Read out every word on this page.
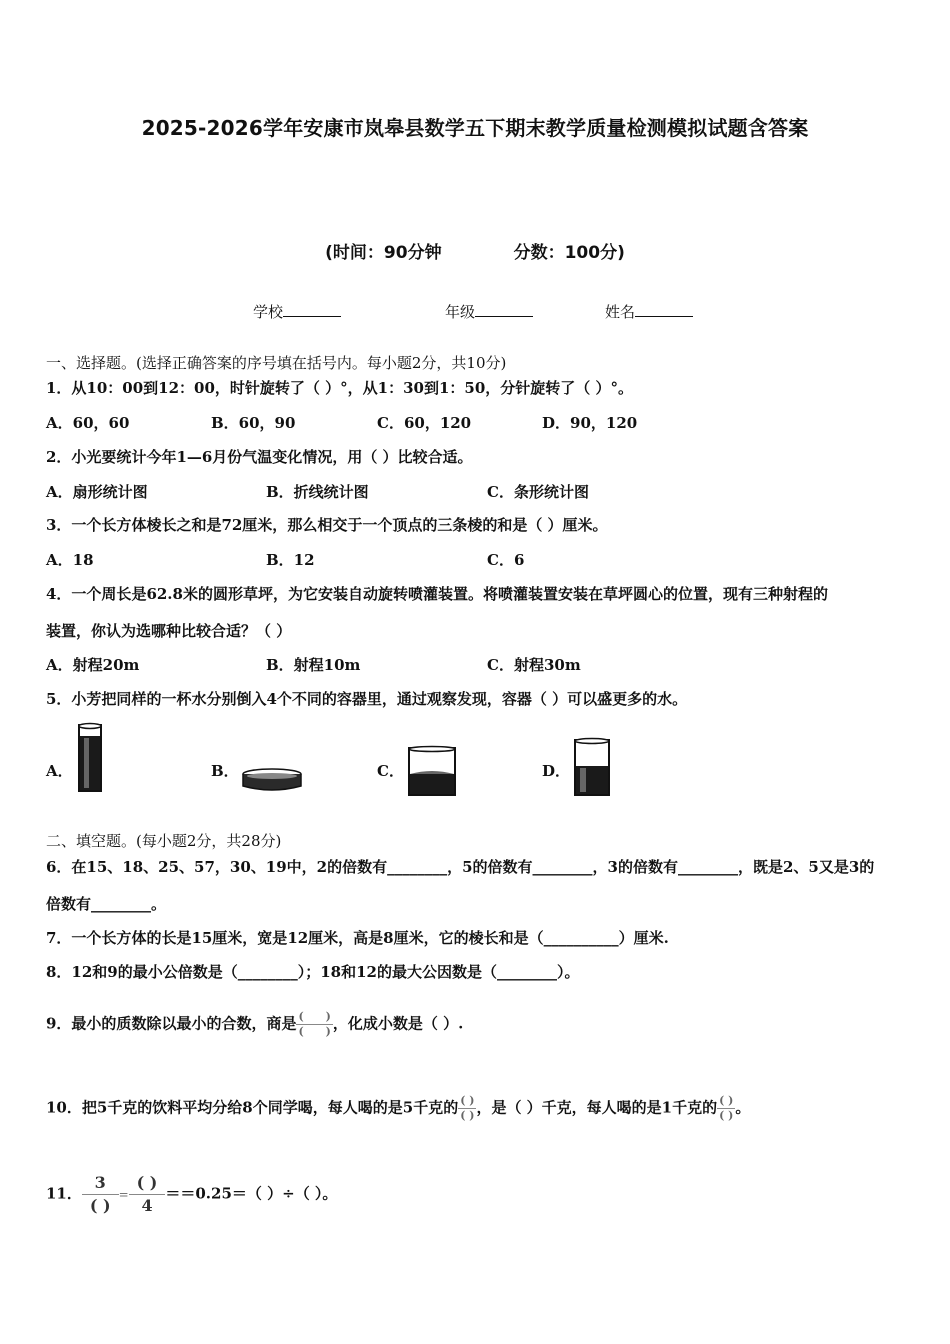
2025-2026学年安康市岚皋县数学五下期末教学质量检测模拟试题含答案
(时间：90分钟	分数：100分)
学校	年级	姓名
一、选择题。(选择正确答案的序号填在括号内。每小题2分，共10分)
1．从10：00到12：00，时针旋转了（ ）°，从1：30到1：50，分针旋转了（ ）°。
A．60，60	B．60，90	C．60，120	D．90，120
2．小光要统计今年1—6月份气温变化情况，用（ ）比较合适。
A．扇形统计图	B．折线统计图	C．条形统计图
3．一个长方体棱长之和是72厘米，那么相交于一个顶点的三条棱的和是（ ）厘米。
A．18	B．12	C．6
4．一个周长是62.8米的圆形草坪，为它安装自动旋转喷灌装置。将喷灌装置安装在草坪圆心的位置，现有三种射程的
装置，你认为选哪种比较合适？（ ）
A．射程20m	B．射程10m	C．射程30m
5．小芳把同样的一杯水分别倒入4个不同的容器里，通过观察发现，容器（ ）可以盛更多的水。
A．	B．	C．	D．
二、填空题。(每小题2分，共28分)
6．在15、18、25、57，30、19中，2的倍数有________，5的倍数有________，3的倍数有________，既是2、5又是3的
倍数有________。
7．一个长方体的长是15厘米，宽是12厘米，高是8厘米，它的棱长和是（__________）厘米.
8．12和9的最小公倍数是（________）；18和12的最大公因数是（________）。
9．最小的质数除以最小的合数，商是 $\frac{( )}{( )}$ ，化成小数是（ ）.
10．把5千克的饮料平均分给8个同学喝，每人喝的是5千克的 $\frac{( )}{( )}$ ，是（ ）千克，每人喝的是1千克的 $\frac{( )}{( )}$ 。
11． $\frac{3}{( )} = \frac{( )}{4} ==0.25=$（ ）÷（ ）。
